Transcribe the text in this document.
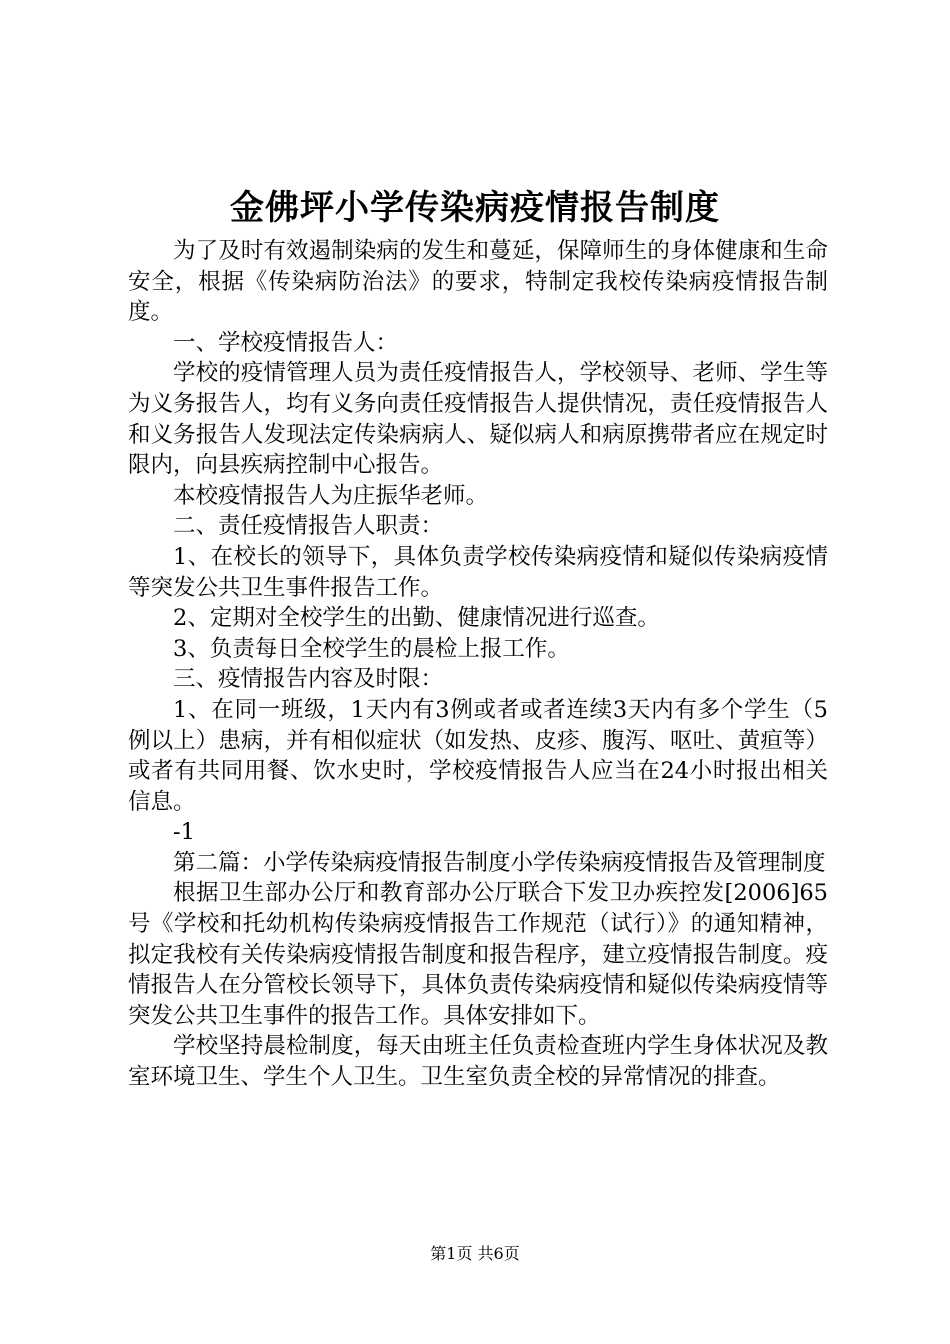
金佛坪小学传染病疫情报告制度

为了及时有效遏制染病的发生和蔓延，保障师生的身体健康和生命安全，根据《传染病防治法》的要求，特制定我校传染病疫情报告制度。

一、学校疫情报告人：

学校的疫情管理人员为责任疫情报告人，学校领导、老师、学生等为义务报告人，均有义务向责任疫情报告人提供情况，责任疫情报告人和义务报告人发现法定传染病病人、疑似病人和病原携带者应在规定时限内，向县疾病控制中心报告。

本校疫情报告人为庄振华老师。

二、责任疫情报告人职责：

1、在校长的领导下，具体负责学校传染病疫情和疑似传染病疫情等突发公共卫生事件报告工作。

2、定期对全校学生的出勤、健康情况进行巡查。

3、负责每日全校学生的晨检上报工作。

三、疫情报告内容及时限：

1、在同一班级，1天内有3例或者或者连续3天内有多个学生（5例以上）患病，并有相似症状（如发热、皮疹、腹泻、呕吐、黄疸等）或者有共同用餐、饮水史时，学校疫情报告人应当在24小时报出相关信息。

-1

第二篇：小学传染病疫情报告制度小学传染病疫情报告及管理制度

根据卫生部办公厅和教育部办公厅联合下发卫办疾控发[2006]65号《学校和托幼机构传染病疫情报告工作规范（试行）》的通知精神，拟定我校有关传染病疫情报告制度和报告程序，建立疫情报告制度。疫情报告人在分管校长领导下，具体负责传染病疫情和疑似传染病疫情等突发公共卫生事件的报告工作。具体安排如下。

学校坚持晨检制度，每天由班主任负责检查班内学生身体状况及教室环境卫生、学生个人卫生。卫生室负责全校的异常情况的排查。

第1页 共6页
